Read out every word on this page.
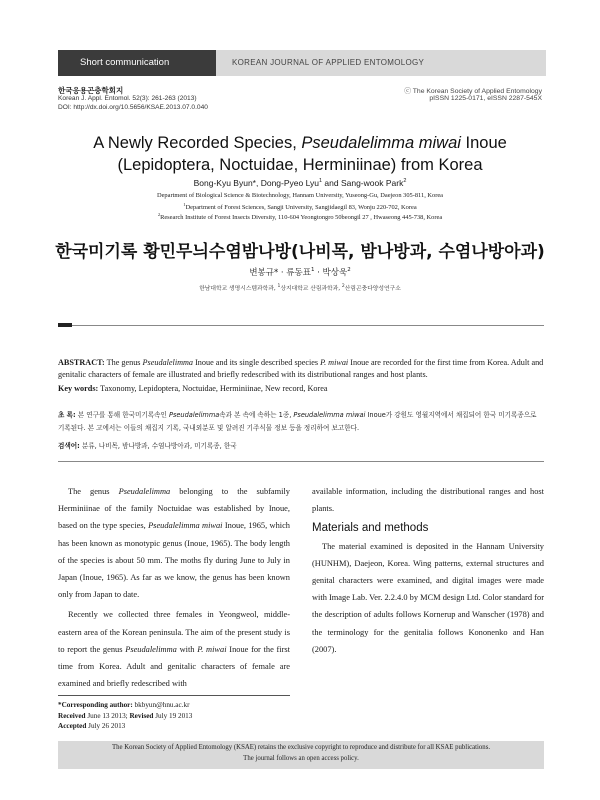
Short communication	KOREAN JOURNAL OF APPLIED ENTOMOLOGY
한국응용곤충학회지
Korean J. Appl. Entomol. 52(3): 261-263 (2013)
DOI: http://dx.doi.org/10.5656/KSAE.2013.07.0.040
ⓒ The Korean Society of Applied Entomology
pISSN 1225-0171, eISSN 2287-545X
A Newly Recorded Species, Pseudalelimma miwai Inoue
(Lepidoptera, Noctuidae, Herminiinae) from Korea
Bong-Kyu Byun*, Dong-Pyeo Lyu$^1$ and Sang-wook Park$^2$
Department of Biological Science & Biotechnology, Hannam University, Yuseong-Gu, Daejeon 305-811, Korea
$^1$Department of Forest Sciences, Sangji University, Sangjidaegil 83, Wonju 220-702, Korea
$^2$Research Institute of Forest Insects Diversity, 110-604 Yeongtongro 50beongil 27 , Hwaseong 445-738, Korea
한국미기록 황민무늬수염밤나방(나비목, 밤나방과, 수염나방아과)
변봉규* · 류동표$^1$ · 박상욱$^2$
한남대학교 생명시스템과학과, $^1$상지대학교 산림과학과, $^2$산림곤충다양성연구소
ABSTRACT: The genus Pseudalelimma Inoue and its single described species P. miwai Inoue are recorded for the first time from Korea. Adult and genitalic characters of female are illustrated and briefly redescribed with its distributional ranges and host plants.
Key words: Taxonomy, Lepidoptera, Noctuidae, Herminiinae, New record, Korea
초 록: 본 연구를 통해 한국미기록속인 Pseudalelimma속과 본 속에 속하는 1종, Pseudalelimma miwai Inoue가 강원도 영월지역에서 채집되어 한국 미기록종으로 기록된다. 본 고에서는 이들의 채집지 기록, 국내외분포 및 알려진 기주식물 정보 등을 정리하여 보고한다.
검색어: 분류, 나비목, 밤나방과, 수염나방아과, 미기록종, 한국

The genus Pseudalelimma belonging to the subfamily Herminiinae of the family Noctuidae was established by Inoue, based on the type species, Pseudalelimma miwai Inoue, 1965, which has been known as monotypic genus (Inoue, 1965). The body length of the species is about 50 mm. The moths fly during June to July in Japan (Inoue, 1965). As far as we know, the genus has been known only from Japan to date.

Recently we collected three females in Yeongweol, middle-eastern area of the Korean peninsula. The aim of the present study is to report the genus Pseudalelimma with P. miwai Inoue for the first time from Korea. Adult and genitalic characters of female are examined and briefly redescribed with

available information, including the distributional ranges and host plants.

Materials and methods

The material examined is deposited in the Hannam University (HUNHM), Daejeon, Korea. Wing patterns, external structures and genital characters were examined, and digital images were made with Image Lab. Ver. 2.2.4.0 by MCM design Ltd. Color standard for the description of adults follows Kornerup and Wanscher (1978) and the terminology for the genitalia follows Kononenko and Han (2007).

*Corresponding author: bkbyun@hnu.ac.kr
Received June 13 2013; Revised July 19 2013
Accepted July 26 2013
The Korean Society of Applied Entomology (KSAE) retains the exclusive copyright to reproduce and distribute for all KSAE publications.
The journal follows an open access policy.
